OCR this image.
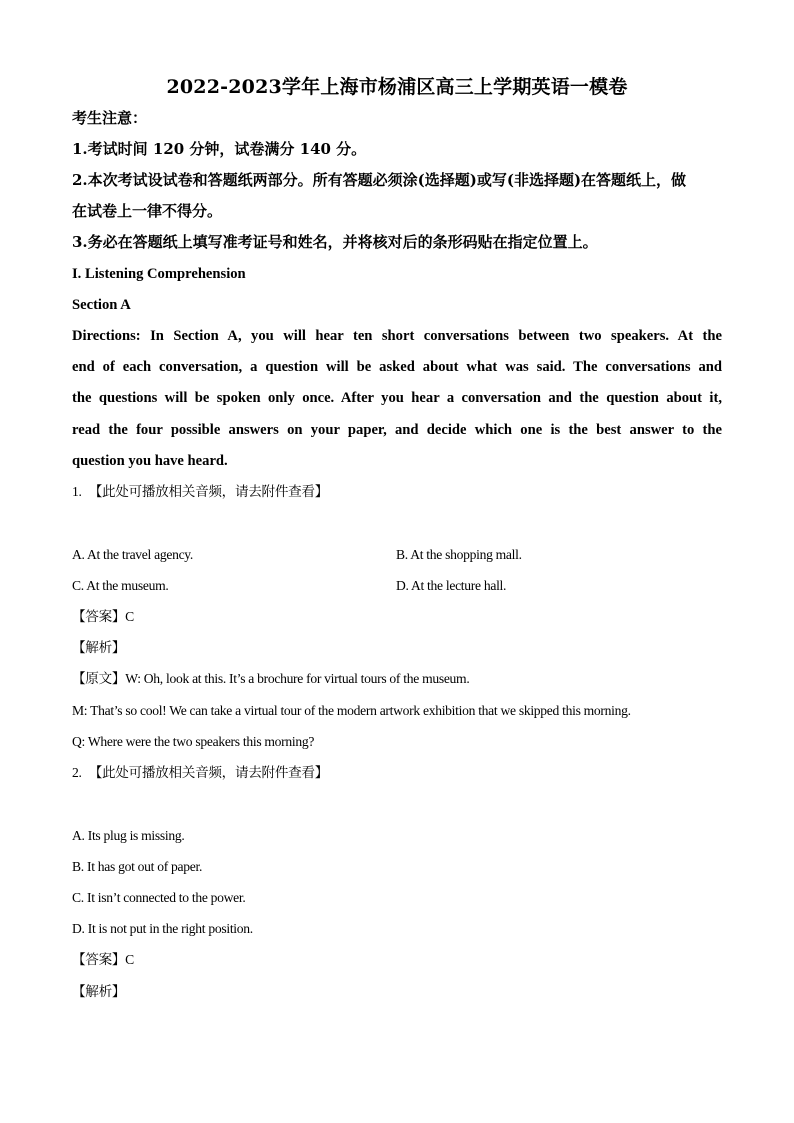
2022-2023学年上海市杨浦区高三上学期英语一模卷
考生注意：
1.考试时间 120 分钟，试卷满分 140 分。
2.本次考试设试卷和答题纸两部分。所有答题必须涂(选择题)或写(非选择题)在答题纸上，做
在试卷上一律不得分。
3.务必在答题纸上填写准考证号和姓名，并将核对后的条形码贴在指定位置上。
I. Listening Comprehension
Section A
Directions: In Section A, you will hear ten short conversations between two speakers. At the
end of each conversation, a question will be asked about what was said. The conversations and
the questions will be spoken only once. After you hear a conversation and the question about it,
read the four possible answers on your paper, and decide which one is the best answer to the
question you have heard.
1. 【此处可播放相关音频，请去附件查看】
A. At the travel agency.	B. At the shopping mall.
C. At the museum.	D. At the lecture hall.
【答案】C
【解析】
【原文】W: Oh, look at this. It’s a brochure for virtual tours of the museum.
M: That’s so cool! We can take a virtual tour of the modern artwork exhibition that we skipped this morning.
Q: Where were the two speakers this morning?
2. 【此处可播放相关音频，请去附件查看】
A. Its plug is missing.
B. It has got out of paper.
C. It isn’t connected to the power.
D. It is not put in the right position.
【答案】C
【解析】
